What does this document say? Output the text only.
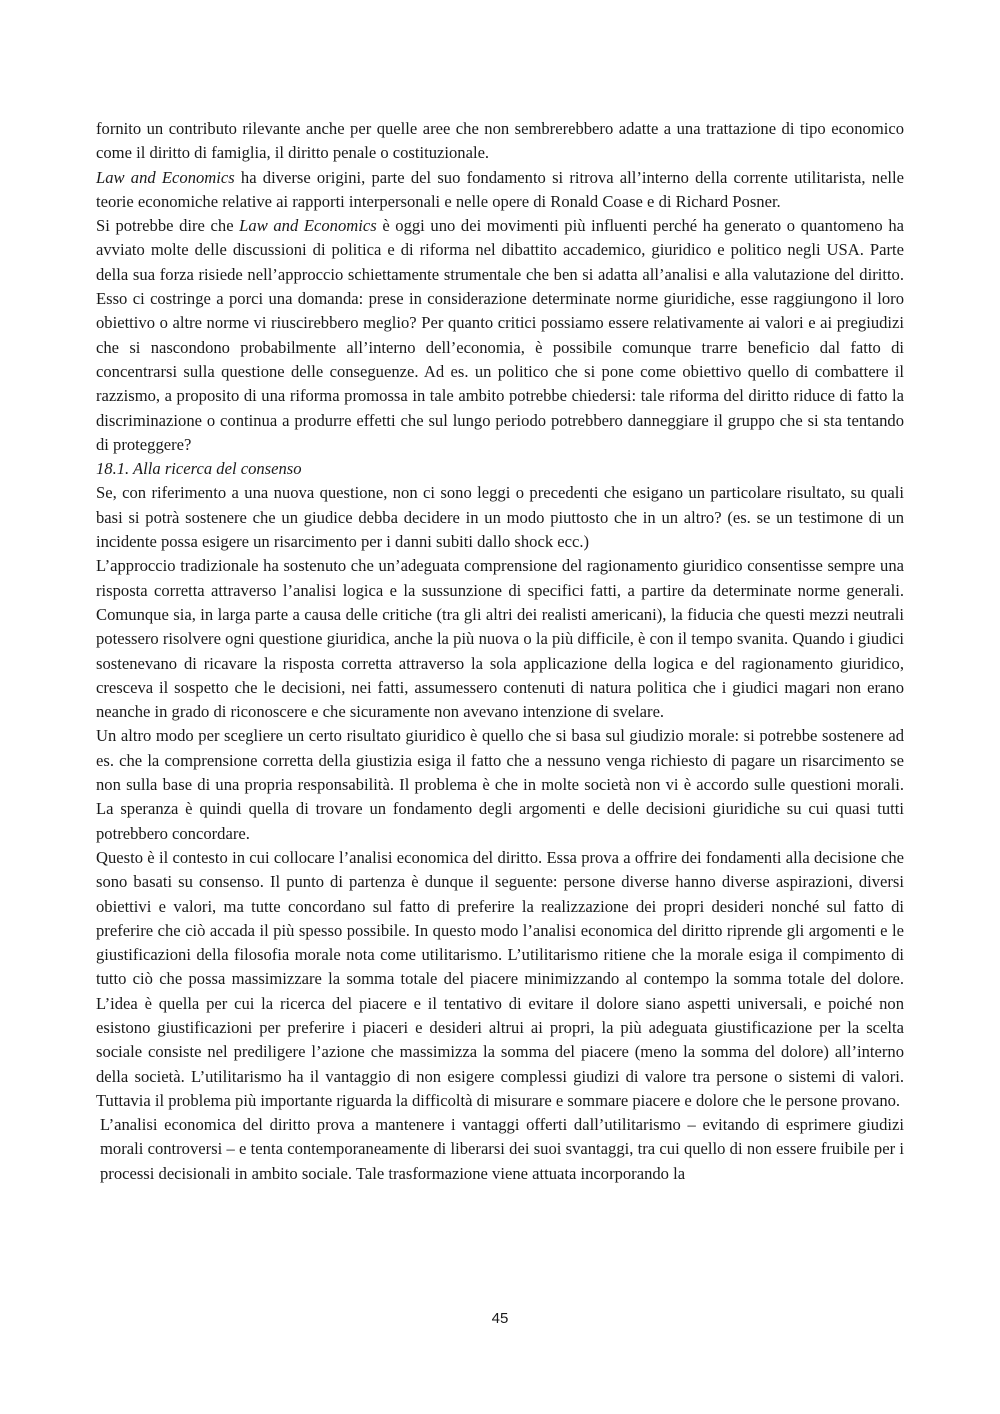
fornito un contributo rilevante anche per quelle aree che non sembrerebbero adatte a una trattazione di tipo economico come il diritto di famiglia, il diritto penale o costituzionale.

Law and Economics ha diverse origini, parte del suo fondamento si ritrova all’interno della corrente utilitarista, nelle teorie economiche relative ai rapporti interpersonali e nelle opere di Ronald Coase e di Richard Posner.

Si potrebbe dire che Law and Economics è oggi uno dei movimenti più influenti perché ha generato o quantomeno ha avviato molte delle discussioni di politica e di riforma nel dibattito accademico, giuridico e politico negli USA. Parte della sua forza risiede nell’approccio schiettamente strumentale che ben si adatta all’analisi e alla valutazione del diritto. Esso ci costringe a porci una domanda: prese in considerazione determinate norme giuridiche, esse raggiungono il loro obiettivo o altre norme vi riuscirebbero meglio? Per quanto critici possiamo essere relativamente ai valori e ai pregiudizi che si nascondono probabilmente all’interno dell’economia, è possibile comunque trarre beneficio dal fatto di concentrarsi sulla questione delle conseguenze. Ad es. un politico che si pone come obiettivo quello di combattere il razzismo, a proposito di una riforma promossa in tale ambito potrebbe chiedersi: tale riforma del diritto riduce di fatto la discriminazione o continua a produrre effetti che sul lungo periodo potrebbero danneggiare il gruppo che si sta tentando di proteggere?

18.1. Alla ricerca del consenso

Se, con riferimento a una nuova questione, non ci sono leggi o precedenti che esigano un particolare risultato, su quali basi si potrà sostenere che un giudice debba decidere in un modo piuttosto che in un altro? (es. se un testimone di un incidente possa esigere un risarcimento per i danni subiti dallo shock ecc.)

L’approccio tradizionale ha sostenuto che un’adeguata comprensione del ragionamento giuridico consentisse sempre una risposta corretta attraverso l’analisi logica e la sussunzione di specifici fatti, a partire da determinate norme generali. Comunque sia, in larga parte a causa delle critiche (tra gli altri dei realisti americani), la fiducia che questi mezzi neutrali potessero risolvere ogni questione giuridica, anche la più nuova o la più difficile, è con il tempo svanita. Quando i giudici sostenevano di ricavare la risposta corretta attraverso la sola applicazione della logica e del ragionamento giuridico, cresceva il sospetto che le decisioni, nei fatti, assumessero contenuti di natura politica che i giudici magari non erano neanche in grado di riconoscere e che sicuramente non avevano intenzione di svelare.

Un altro modo per scegliere un certo risultato giuridico è quello che si basa sul giudizio morale: si potrebbe sostenere ad es. che la comprensione corretta della giustizia esiga il fatto che a nessuno venga richiesto di pagare un risarcimento se non sulla base di una propria responsabilità. Il problema è che in molte società non vi è accordo sulle questioni morali. La speranza è quindi quella di trovare un fondamento degli argomenti e delle decisioni giuridiche su cui quasi tutti potrebbero concordare.

Questo è il contesto in cui collocare l’analisi economica del diritto. Essa prova a offrire dei fondamenti alla decisione che sono basati su consenso. Il punto di partenza è dunque il seguente: persone diverse hanno diverse aspirazioni, diversi obiettivi e valori, ma tutte concordano sul fatto di preferire la realizzazione dei propri desideri nonché sul fatto di preferire che ciò accada il più spesso possibile. In questo modo l’analisi economica del diritto riprende gli argomenti e le giustificazioni della filosofia morale nota come utilitarismo. L’utilitarismo ritiene che la morale esiga il compimento di tutto ciò che possa massimizzare la somma totale del piacere minimizzando al contempo la somma totale del dolore. L’idea è quella per cui la ricerca del piacere e il tentativo di evitare il dolore siano aspetti universali, e poiché non esistono giustificazioni per preferire i piaceri e desideri altrui ai propri, la più adeguata giustificazione per la scelta sociale consiste nel prediligere l’azione che massimizza la somma del piacere (meno la somma del dolore) all’interno della società. L’utilitarismo ha il vantaggio di non esigere complessi giudizi di valore tra persone o sistemi di valori. Tuttavia il problema più importante riguarda la difficoltà di misurare e sommare piacere e dolore che le persone provano.

L’analisi economica del diritto prova a mantenere i vantaggi offerti dall’utilitarismo – evitando di esprimere giudizi morali controversi – e tenta contemporaneamente di liberarsi dei suoi svantaggi, tra cui quello di non essere fruibile per i processi decisionali in ambito sociale. Tale trasformazione viene attuata incorporando la

45
